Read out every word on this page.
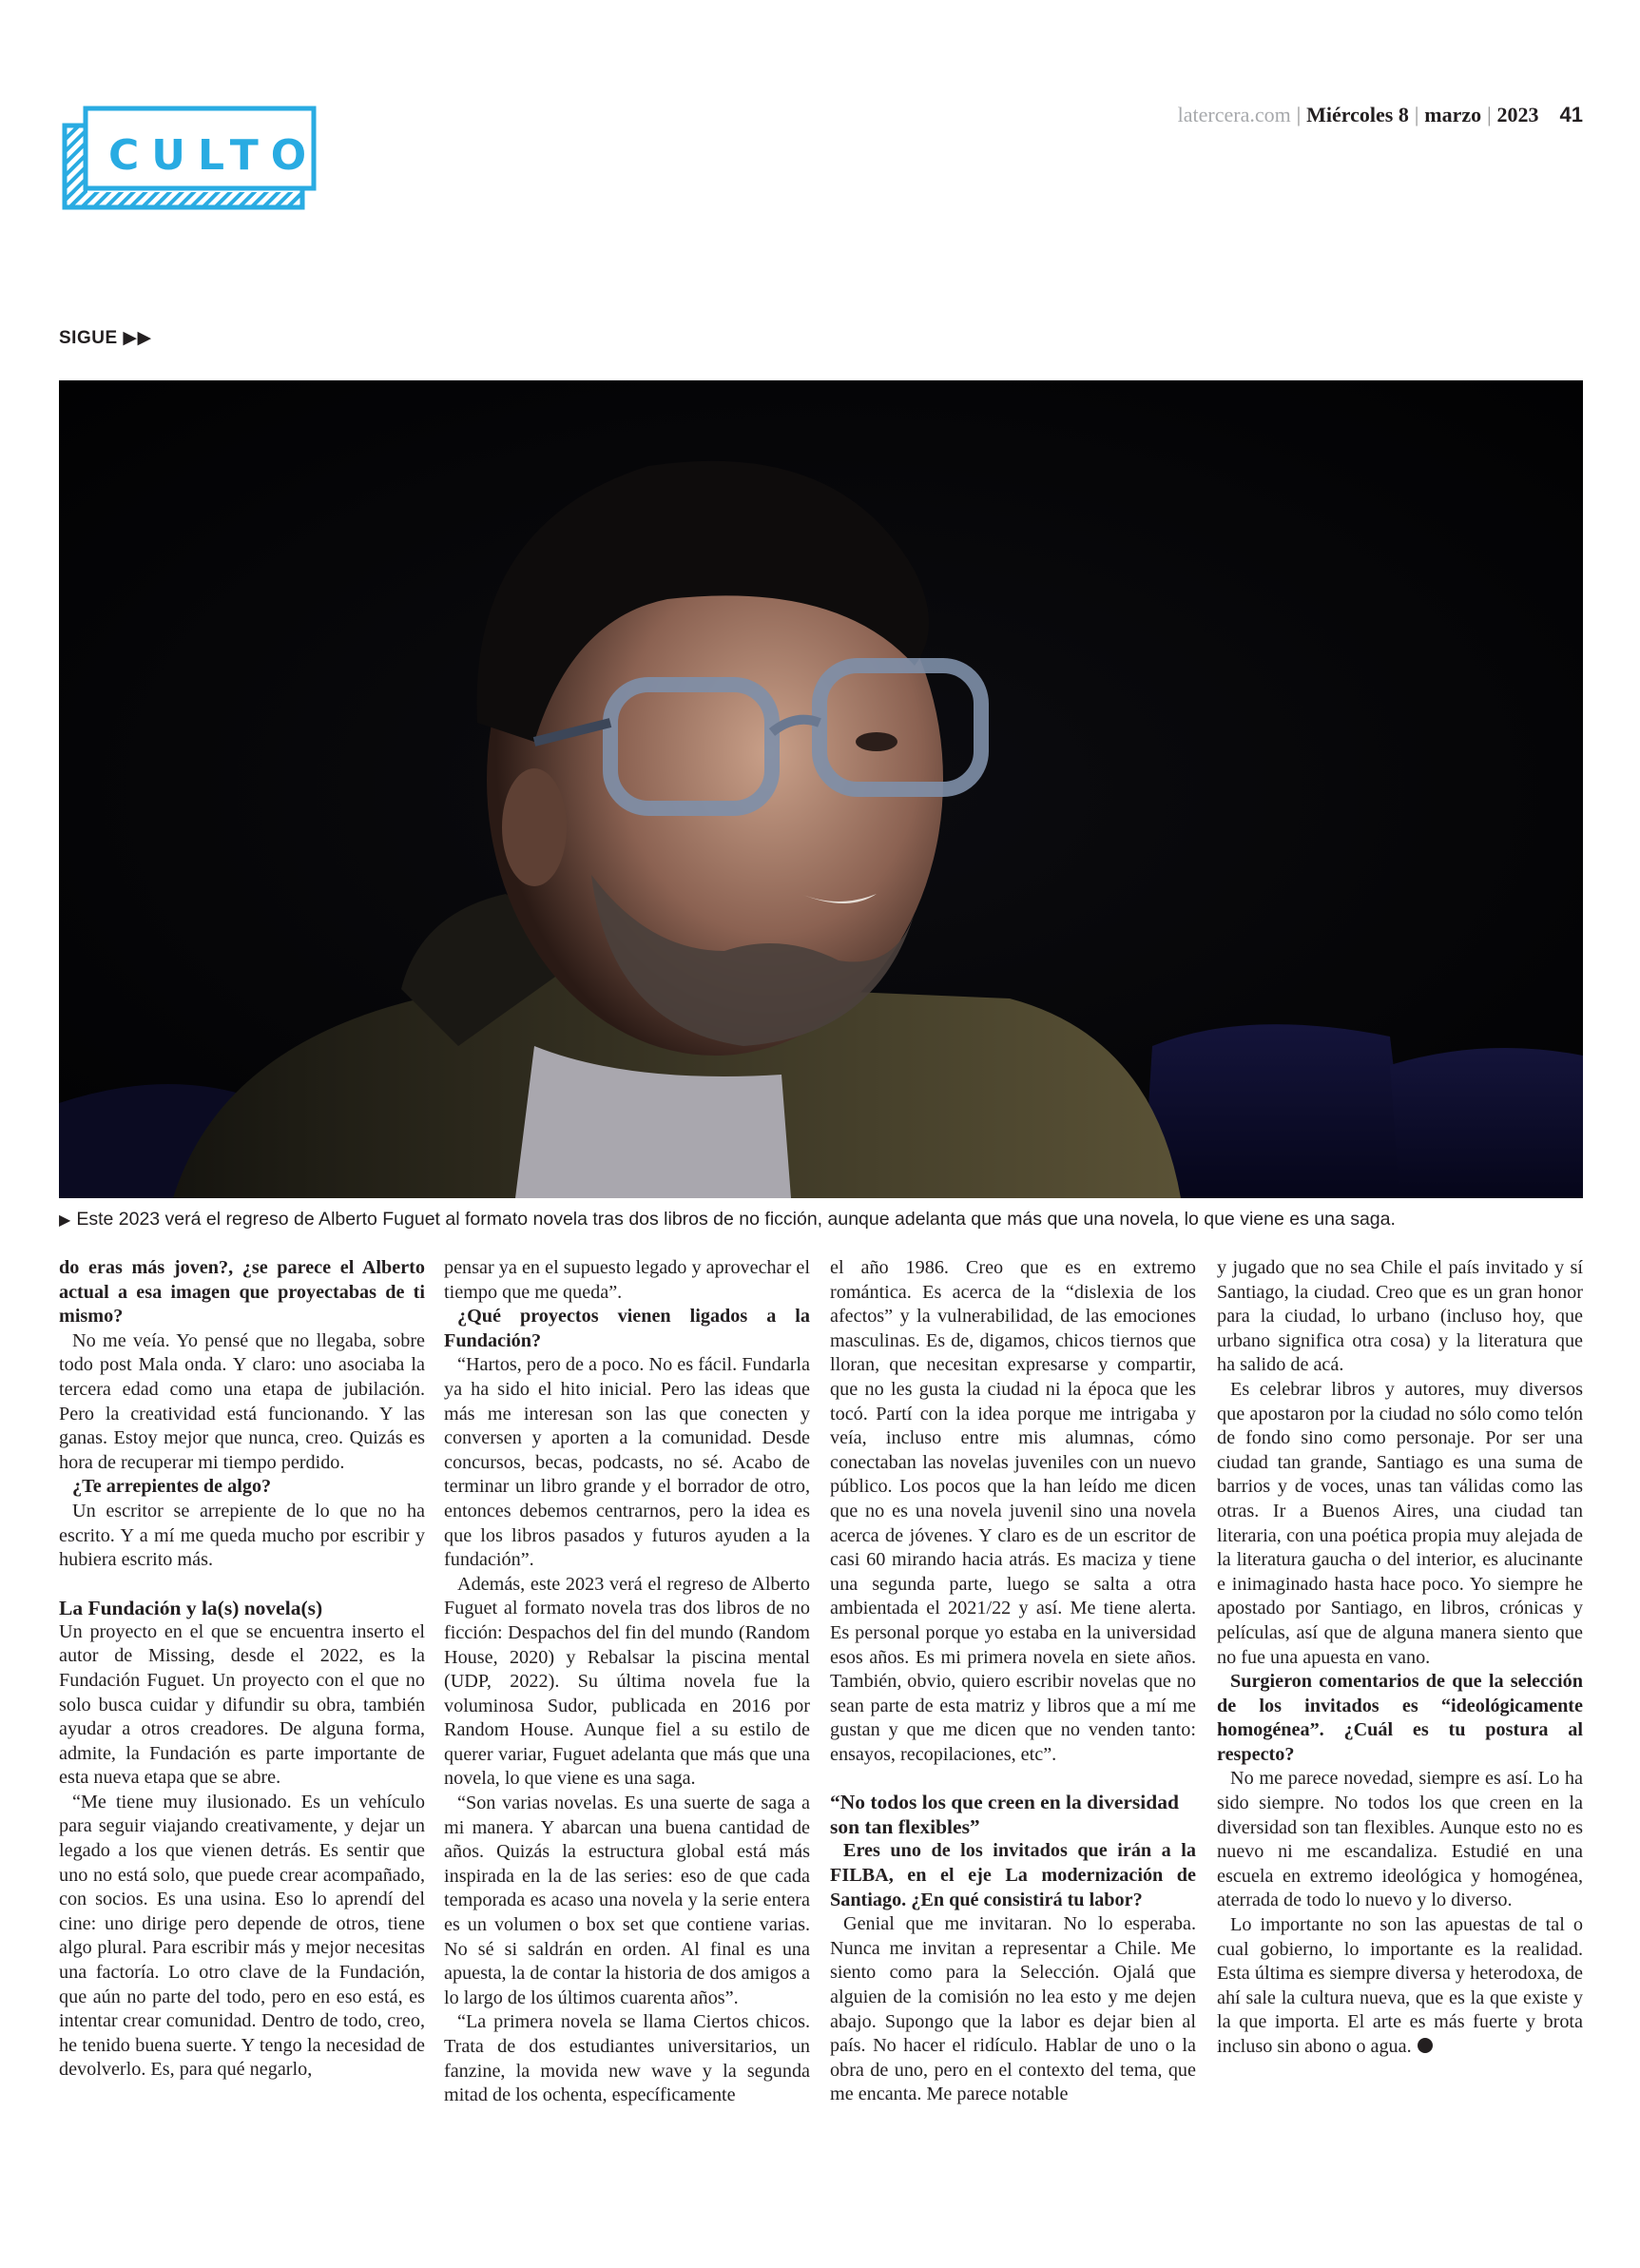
CULTO
latercera.com | Miércoles 8 | marzo | 2023 41
SIGUE ▶▶
▶ Este 2023 verá el regreso de Alberto Fuguet al formato novela tras dos libros de no ficción, aunque adelanta que más que una novela, lo que viene es una saga.

do eras más joven?, ¿se parece el Alberto actual a esa imagen que proyectabas de ti mismo?

No me veía. Yo pensé que no llegaba, sobre todo post Mala onda. Y claro: uno asociaba la tercera edad como una etapa de jubilación. Pero la creatividad está funcionando. Y las ganas. Estoy mejor que nunca, creo. Quizás es hora de recuperar mi tiempo perdido.

¿Te arrepientes de algo?

Un escritor se arrepiente de lo que no ha escrito. Y a mí me queda mucho por escribir y hubiera escrito más.

La Fundación y la(s) novela(s)

Un proyecto en el que se encuentra inserto el autor de Missing, desde el 2022, es la Fundación Fuguet. Un proyecto con el que no solo busca cuidar y difundir su obra, también ayudar a otros creadores. De alguna forma, admite, la Fundación es parte importante de esta nueva etapa que se abre.

“Me tiene muy ilusionado. Es un vehículo para seguir viajando creativamente, y dejar un legado a los que vienen detrás. Es sentir que uno no está solo, que puede crear acompañado, con socios. Es una usina. Eso lo aprendí del cine: uno dirige pero depende de otros, tiene algo plural. Para escribir más y mejor necesitas una factoría. Lo otro clave de la Fundación, que aún no parte del todo, pero en eso está, es intentar crear comunidad. Dentro de todo, creo, he tenido buena suerte. Y tengo la necesidad de devolverlo. Es, para qué negarlo,

pensar ya en el supuesto legado y aprovechar el tiempo que me queda”.

¿Qué proyectos vienen ligados a la Fundación?

“Hartos, pero de a poco. No es fácil. Fundarla ya ha sido el hito inicial. Pero las ideas que más me interesan son las que conecten y conversen y aporten a la comunidad. Desde concursos, becas, podcasts, no sé. Acabo de terminar un libro grande y el borrador de otro, entonces debemos centrarnos, pero la idea es que los libros pasados y futuros ayuden a la fundación”.

Además, este 2023 verá el regreso de Alberto Fuguet al formato novela tras dos libros de no ficción: Despachos del fin del mundo (Random House, 2020) y Rebalsar la piscina mental (UDP, 2022). Su última novela fue la voluminosa Sudor, publicada en 2016 por Random House. Aunque fiel a su estilo de querer variar, Fuguet adelanta que más que una novela, lo que viene es una saga.

“Son varias novelas. Es una suerte de saga a mi manera. Y abarcan una buena cantidad de años. Quizás la estructura global está más inspirada en la de las series: eso de que cada temporada es acaso una novela y la serie entera es un volumen o box set que contiene varias. No sé si saldrán en orden. Al final es una apuesta, la de contar la historia de dos amigos a lo largo de los últimos cuarenta años”.

“La primera novela se llama Ciertos chicos. Trata de dos estudiantes universitarios, un fanzine, la movida new wave y la segunda mitad de los ochenta, específicamente

el año 1986. Creo que es en extremo romántica. Es acerca de la “dislexia de los afectos” y la vulnerabilidad, de las emociones masculinas. Es de, digamos, chicos tiernos que lloran, que necesitan expresarse y compartir, que no les gusta la ciudad ni la época que les tocó. Partí con la idea porque me intrigaba y veía, incluso entre mis alumnas, cómo conectaban las novelas juveniles con un nuevo público. Los pocos que la han leído me dicen que no es una novela juvenil sino una novela acerca de jóvenes. Y claro es de un escritor de casi 60 mirando hacia atrás. Es maciza y tiene una segunda parte, luego se salta a otra ambientada el 2021/22 y así. Me tiene alerta. Es personal porque yo estaba en la universidad esos años. Es mi primera novela en siete años. También, obvio, quiero escribir novelas que no sean parte de esta matriz y libros que a mí me gustan y que me dicen que no venden tanto: ensayos, recopilaciones, etc”.

“No todos los que creen en la diversidad son tan flexibles”

Eres uno de los invitados que irán a la FILBA, en el eje La modernización de Santiago. ¿En qué consistirá tu labor?

Genial que me invitaran. No lo esperaba. Nunca me invitan a representar a Chile. Me siento como para la Selección. Ojalá que alguien de la comisión no lea esto y me dejen abajo. Supongo que la labor es dejar bien al país. No hacer el ridículo. Hablar de uno o la obra de uno, pero en el contexto del tema, que me encanta. Me parece notable

y jugado que no sea Chile el país invitado y sí Santiago, la ciudad. Creo que es un gran honor para la ciudad, lo urbano (incluso hoy, que urbano significa otra cosa) y la literatura que ha salido de acá.

Es celebrar libros y autores, muy diversos que apostaron por la ciudad no sólo como telón de fondo sino como personaje. Por ser una ciudad tan grande, Santiago es una suma de barrios y de voces, unas tan válidas como las otras. Ir a Buenos Aires, una ciudad tan literaria, con una poética propia muy alejada de la literatura gaucha o del interior, es alucinante e inimaginado hasta hace poco. Yo siempre he apostado por Santiago, en libros, crónicas y películas, así que de alguna manera siento que no fue una apuesta en vano.

Surgieron comentarios de que la selección de los invitados es “ideológicamente homogénea”. ¿Cuál es tu postura al respecto?

No me parece novedad, siempre es así. Lo ha sido siempre. No todos los que creen en la diversidad son tan flexibles. Aunque esto no es nuevo ni me escandaliza. Estudié en una escuela en extremo ideológica y homogénea, aterrada de todo lo nuevo y lo diverso.

Lo importante no son las apuestas de tal o cual gobierno, lo importante es la realidad. Esta última es siempre diversa y heterodoxa, de ahí sale la cultura nueva, que es la que existe y la que importa. El arte es más fuerte y brota incluso sin abono o agua.
